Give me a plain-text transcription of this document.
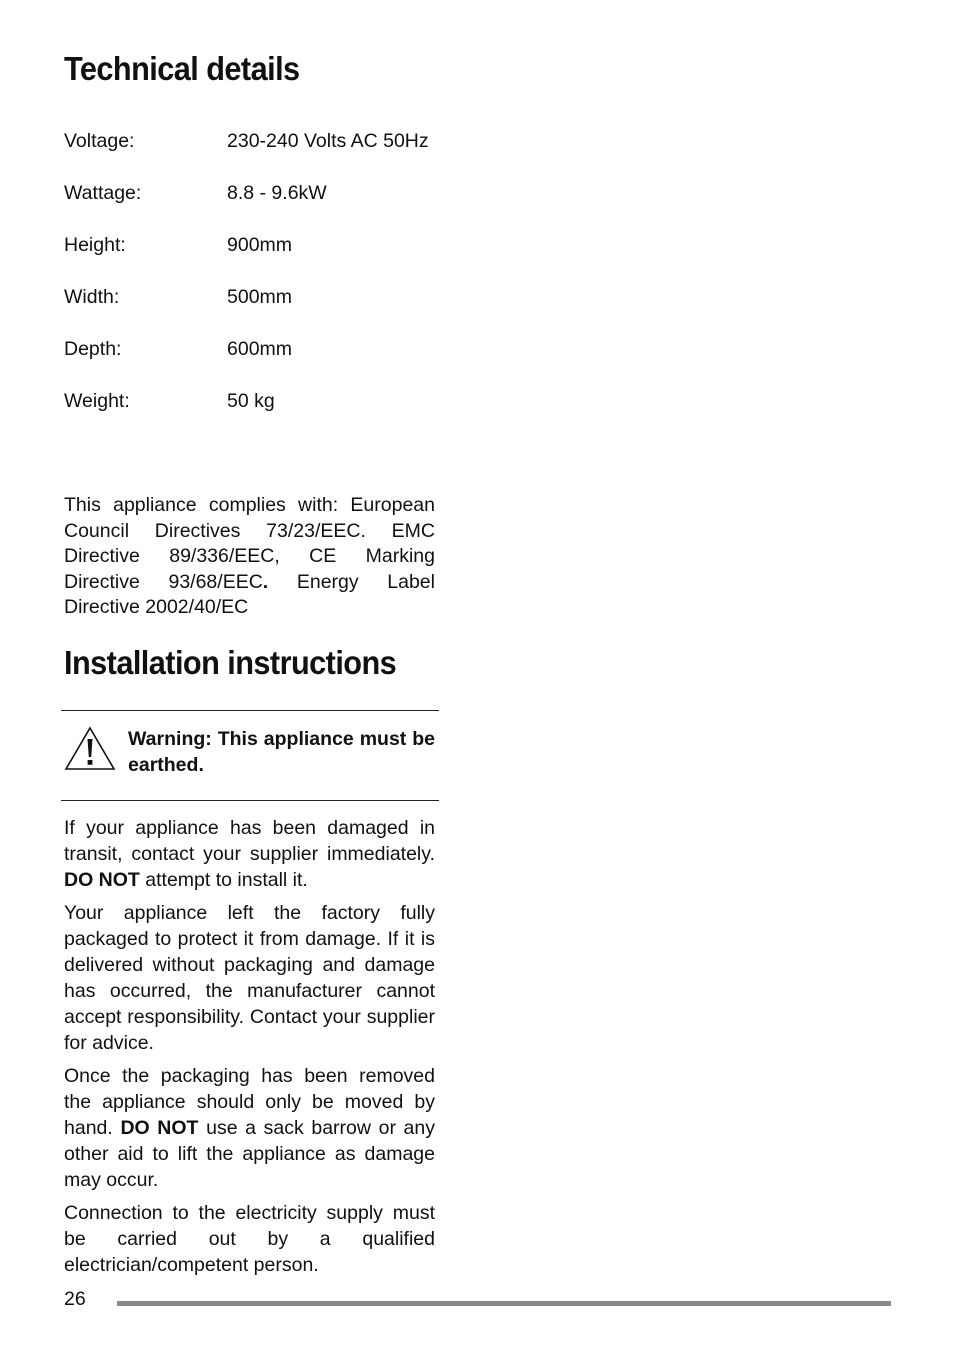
Technical details
Voltage:	230-240 Volts AC 50Hz
Wattage:	8.8 - 9.6kW
Height:	900mm
Width:	500mm
Depth:	600mm
Weight:	50 kg

This appliance complies with: European Council Directives 73/23/EEC. EMC Directive 89/336/EEC, CE Marking Directive 93/68/EEC. Energy Label Directive 2002/40/EC

Installation instructions
Warning: This appliance must be earthed.

If your appliance has been damaged in transit, contact your supplier immediately. DO NOT attempt to install it.

Your appliance left the factory fully packaged to protect it from damage. If it is delivered without packaging and damage has occurred, the manufacturer cannot accept responsibility. Contact your supplier for advice.

Once the packaging has been removed the appliance should only be moved by hand. DO NOT use a sack barrow or any other aid to lift the appliance as damage may occur.

Connection to the electricity supply must be carried out by a qualified electrician/competent person.

26
